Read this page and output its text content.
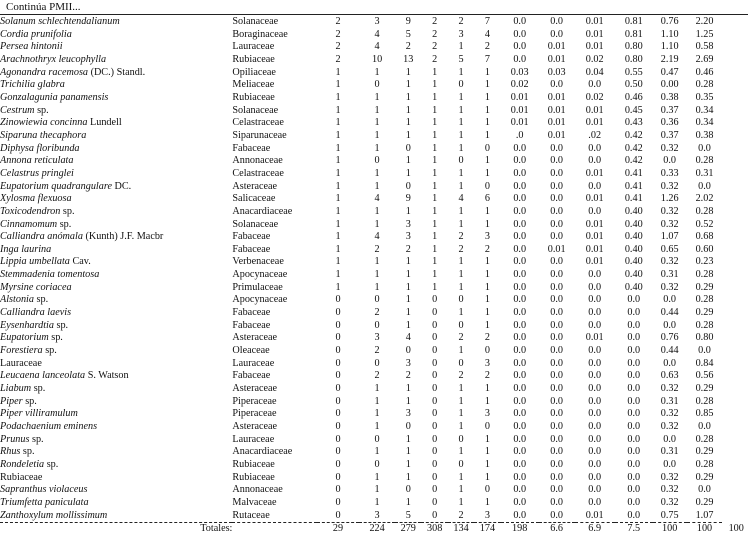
Continúa PMII...
Solanum schlechtendalianum	Solanaceae	2	3	9	2	2	7	0.0	0.0	0.01	0.81	0.76	2.20	
Cordia prunifolia	Boraginaceae	2	4	5	2	3	4	0.0	0.0	0.01	0.81	1.10	1.25	
Persea hintonii	Lauraceae	2	4	2	2	1	2	0.0	0.01	0.01	0.80	1.10	0.58	
Arachnothryx leucophylla	Rubiaceae	2	10	13	2	5	7	0.0	0.01	0.02	0.80	2.19	2.69	
Agonandra racemosa (DC.) Standl.	Opiliaceae	1	1	1	1	1	1	0.03	0.03	0.04	0.55	0.47	0.46	
Trichilia glabra	Meliaceae	1	0	1	1	0	1	0.02	0.0	0.0	0.50	0.00	0.28	
Gonzalagunia panamensis	Rubiaceae	1	1	1	1	1	1	0.01	0.01	0.02	0.46	0.38	0.35	
Cestrum sp.	Solanaceae	1	1	1	1	1	1	0.01	0.01	0.01	0.45	0.37	0.34	
Zinowiewia concinna Lundell	Celastraceae	1	1	1	1	1	1	0.01	0.01	0.01	0.43	0.36	0.34	
Siparuna thecaphora	Siparunaceae	1	1	1	1	1	1	.0	0.01	.02	0.42	0.37	0.38	
Diphysa floribunda	Fabaceae	1	1	0	1	1	0	0.0	0.0	0.0	0.42	0.32	0.0	
Annona reticulata	Annonaceae	1	0	1	1	0	1	0.0	0.0	0.0	0.42	0.0	0.28	
Celastrus pringlei	Celastraceae	1	1	1	1	1	1	0.0	0.0	0.01	0.41	0.33	0.31	
Eupatorium quadrangulare DC.	Asteraceae	1	1	0	1	1	0	0.0	0.0	0.0	0.41	0.32	0.0	
Xylosma flexuosa	Salicaceae	1	4	9	1	4	6	0.0	0.0	0.01	0.41	1.26	2.02	
Toxicodendron sp.	Anacardiaceae	1	1	1	1	1	1	0.0	0.0	0.0	0.40	0.32	0.28	
Cinnamomum sp.	Solanaceae	1	1	3	1	1	1	0.0	0.0	0.01	0.40	0.32	0.52	
Calliandra anómala (Kunth) J.F. Macbr	Fabaceae	1	4	3	1	2	3	0.0	0.0	0.01	0.40	1.07	0.68	
Inga laurina	Fabaceae	1	2	2	1	2	2	0.0	0.01	0.01	0.40	0.65	0.60	
Lippia umbellata Cav.	Verbenaceae	1	1	1	1	1	1	0.0	0.0	0.01	0.40	0.32	0.23	
Stemmadenia tomentosa	Apocynaceae	1	1	1	1	1	1	0.0	0.0	0.0	0.40	0.31	0.28	
Myrsine coriacea	Primulaceae	1	1	1	1	1	1	0.0	0.0	0.0	0.40	0.32	0.29	
Alstonia sp.	Apocynaceae	0	0	1	0	0	1	0.0	0.0	0.0	0.0	0.0	0.28	
Calliandra laevis	Fabaceae	0	2	1	0	1	1	0.0	0.0	0.0	0.0	0.44	0.29	
Eysenhardtia sp.	Fabaceae	0	0	1	0	0	1	0.0	0.0	0.0	0.0	0.0	0.28	
Eupatorium sp.	Asteraceae	0	3	4	0	2	2	0.0	0.0	0.01	0.0	0.76	0.80	
Forestiera sp.	Oleaceae	0	2	0	0	1	0	0.0	0.0	0.0	0.0	0.44	0.0	
Lauraceae	Lauraceae	0	0	3	0	0	3	0.0	0.0	0.0	0.0	0.0	0.84	
Leucaena lanceolata S. Watson	Fabaceae	0	2	2	0	2	2	0.0	0.0	0.0	0.0	0.63	0.56	
Liabum sp.	Asteraceae	0	1	1	0	1	1	0.0	0.0	0.0	0.0	0.32	0.29	
Piper sp.	Piperaceae	0	1	1	0	1	1	0.0	0.0	0.0	0.0	0.31	0.28	
Piper villiramulum	Piperaceae	0	1	3	0	1	3	0.0	0.0	0.0	0.0	0.32	0.85	
Podachaenium eminens	Asteraceae	0	1	0	0	1	0	0.0	0.0	0.0	0.0	0.32	0.0	
Prunus sp.	Lauraceae	0	0	1	0	0	1	0.0	0.0	0.0	0.0	0.0	0.28	
Rhus sp.	Anacardiaceae	0	1	1	0	1	1	0.0	0.0	0.0	0.0	0.31	0.29	
Rondeletia sp.	Rubiaceae	0	0	1	0	0	1	0.0	0.0	0.0	0.0	0.0	0.28	
Rubiaceae	Rubiaceae	0	1	1	0	1	1	0.0	0.0	0.0	0.0	0.32	0.29	
Sapranthus violaceus	Annonaceae	0	1	0	0	1	0	0.0	0.0	0.0	0.0	0.32	0.0	
Triumfetta paniculata	Malvaceae	0	1	1	0	1	1	0.0	0.0	0.0	0.0	0.32	0.29	
Zanthoxylum mollissimum	Rutaceae	0	3	5	0	2	3	0.0	0.0	0.01	0.0	0.75	1.07	
Totales:		29	224	279	308	134	174	198	6.6	6.9	7.5	100	100	100
